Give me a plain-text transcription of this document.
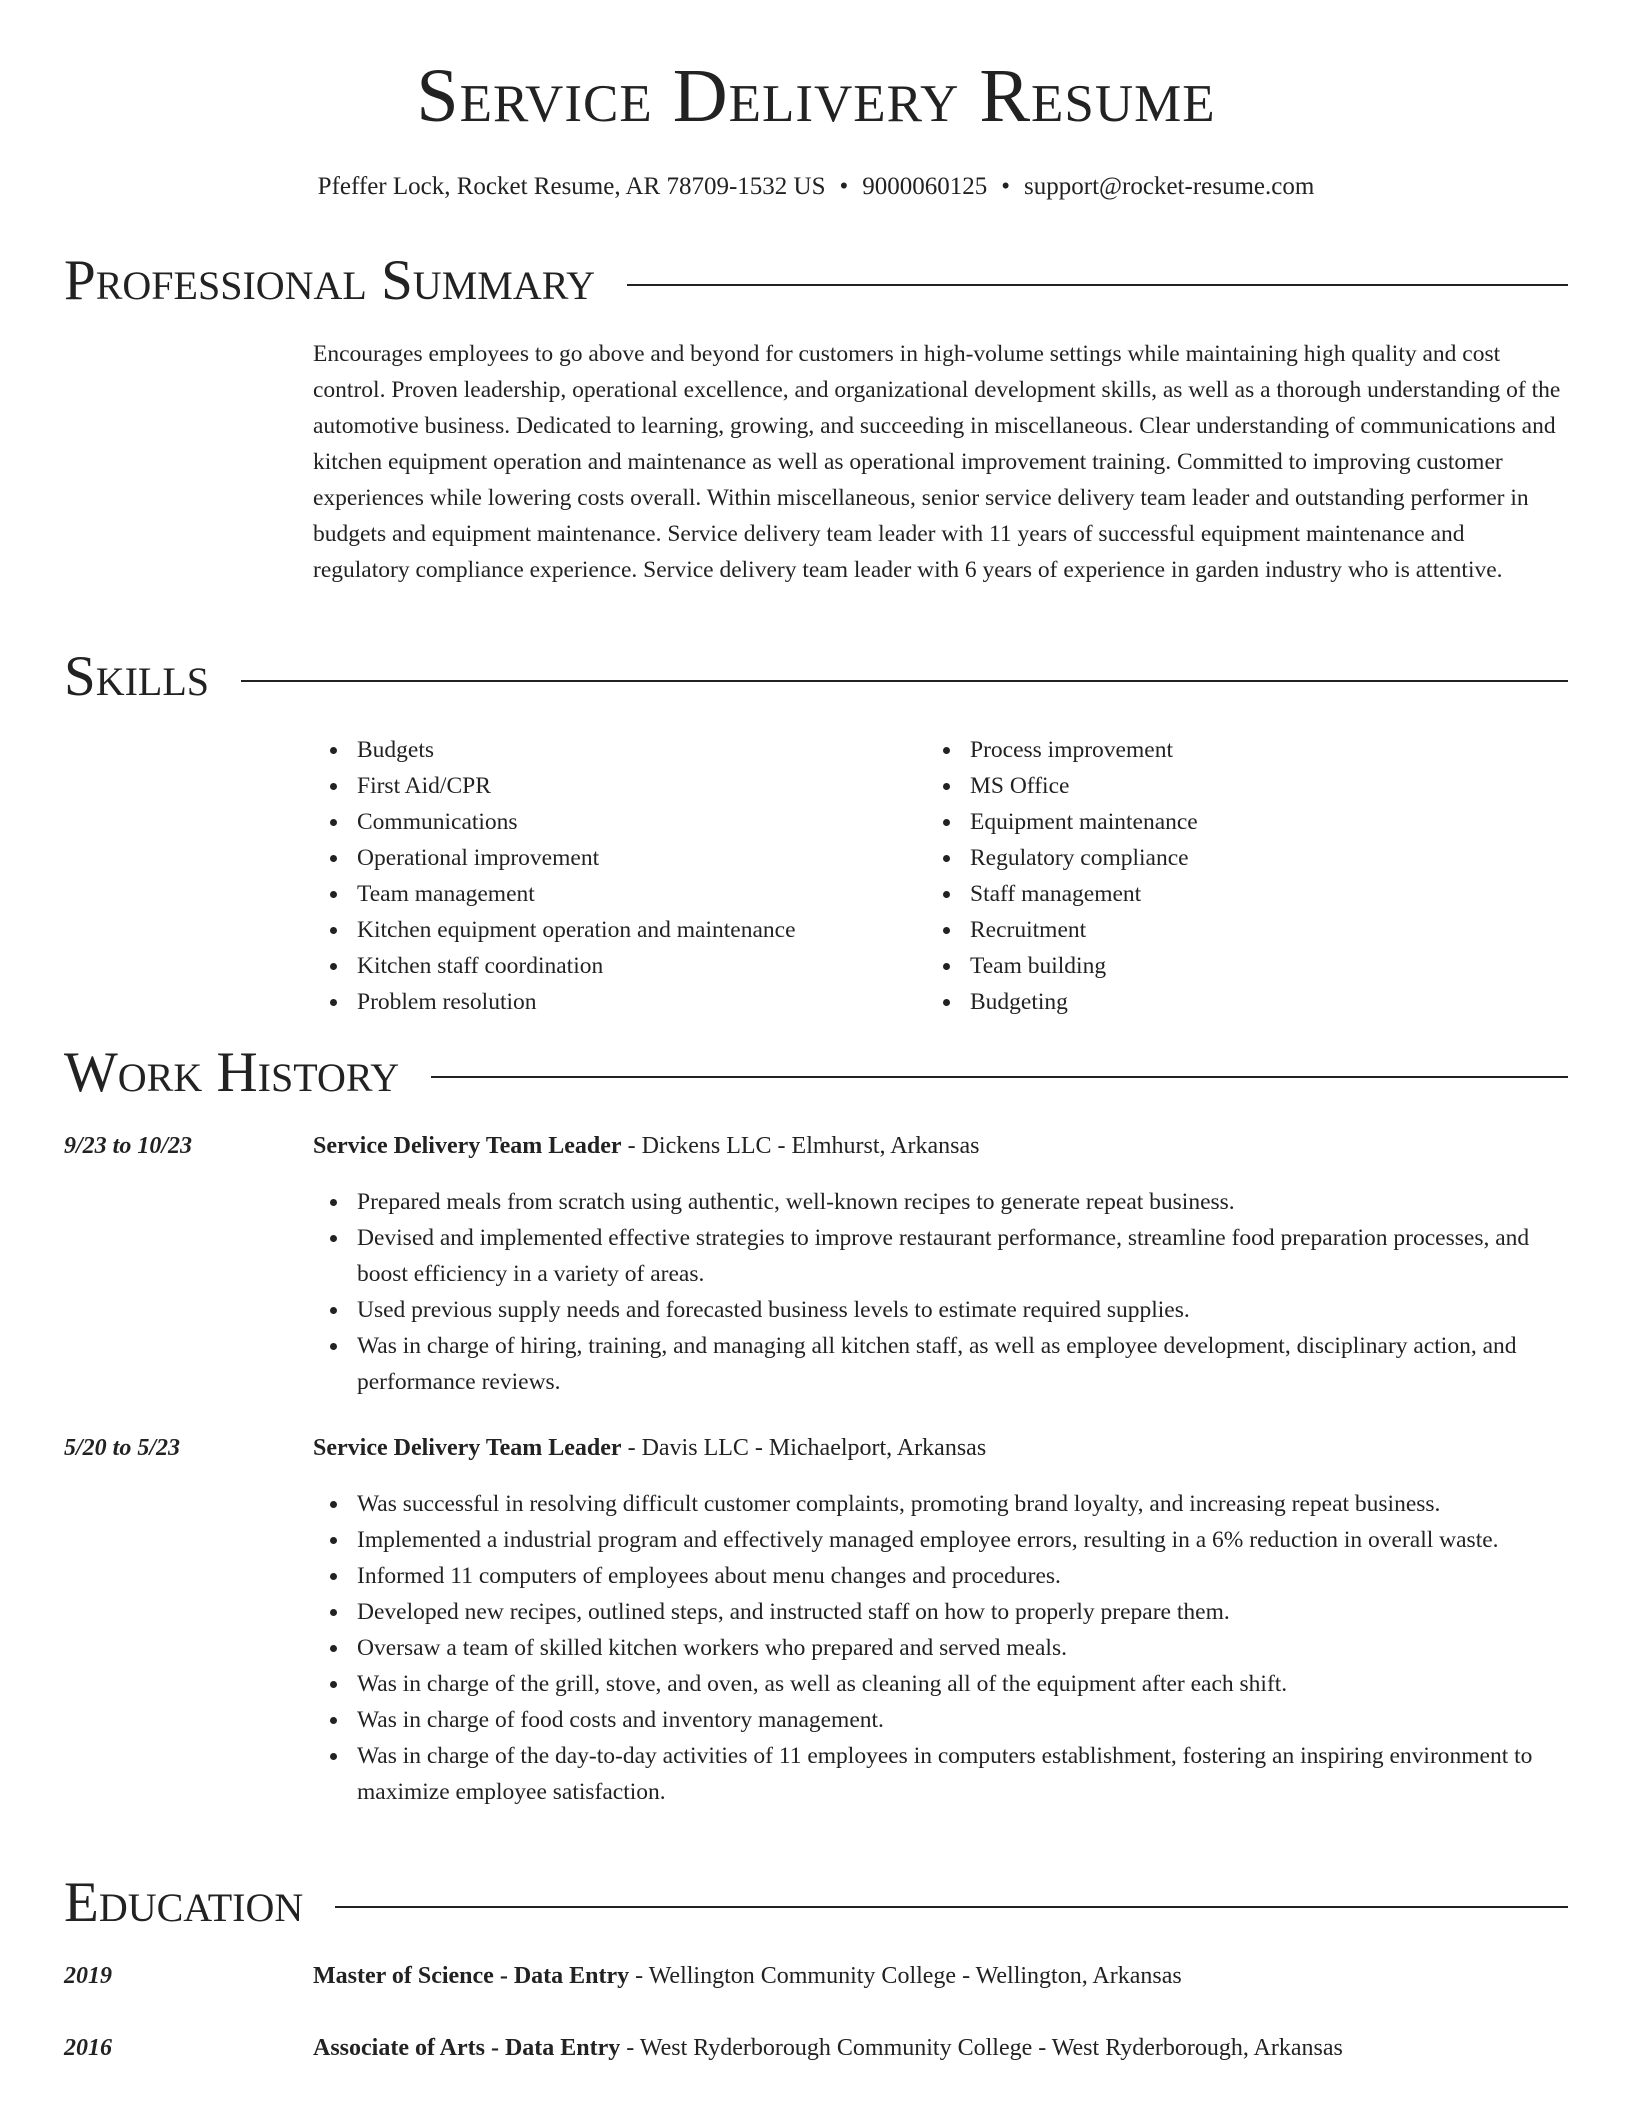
Service Delivery Resume
Pfeffer Lock, Rocket Resume, AR 78709-1532 US • 9000060125 • support@rocket-resume.com
Professional Summary

Encourages employees to go above and beyond for customers in high-volume settings while maintaining high quality and cost control. Proven leadership, operational excellence, and organizational development skills, as well as a thorough understanding of the automotive business. Dedicated to learning, growing, and succeeding in miscellaneous. Clear understanding of communications and kitchen equipment operation and maintenance as well as operational improvement training. Committed to improving customer experiences while lowering costs overall. Within miscellaneous, senior service delivery team leader and outstanding performer in budgets and equipment maintenance. Service delivery team leader with 11 years of successful equipment maintenance and regulatory compliance experience. Service delivery team leader with 6 years of experience in garden industry who is attentive.

Skills
Budgets
First Aid/CPR
Communications
Operational improvement
Team management
Kitchen equipment operation and maintenance
Kitchen staff coordination
Problem resolution
Process improvement
MS Office
Equipment maintenance
Regulatory compliance
Staff management
Recruitment
Team building
Budgeting
Work History
9/23 to 10/23	Service Delivery Team Leader - Dickens LLC - Elmhurst, Arkansas
Prepared meals from scratch using authentic, well-known recipes to generate repeat business.
Devised and implemented effective strategies to improve restaurant performance, streamline food preparation processes, and boost efficiency in a variety of areas.
Used previous supply needs and forecasted business levels to estimate required supplies.
Was in charge of hiring, training, and managing all kitchen staff, as well as employee development, disciplinary action, and performance reviews.
5/20 to 5/23	Service Delivery Team Leader - Davis LLC - Michaelport, Arkansas
Was successful in resolving difficult customer complaints, promoting brand loyalty, and increasing repeat business.
Implemented a industrial program and effectively managed employee errors, resulting in a 6% reduction in overall waste.
Informed 11 computers of employees about menu changes and procedures.
Developed new recipes, outlined steps, and instructed staff on how to properly prepare them.
Oversaw a team of skilled kitchen workers who prepared and served meals.
Was in charge of the grill, stove, and oven, as well as cleaning all of the equipment after each shift.
Was in charge of food costs and inventory management.
Was in charge of the day-to-day activities of 11 employees in computers establishment, fostering an inspiring environment to maximize employee satisfaction.
Education
2019	Master of Science - Data Entry - Wellington Community College - Wellington, Arkansas
2016	Associate of Arts - Data Entry - West Ryderborough Community College - West Ryderborough, Arkansas
